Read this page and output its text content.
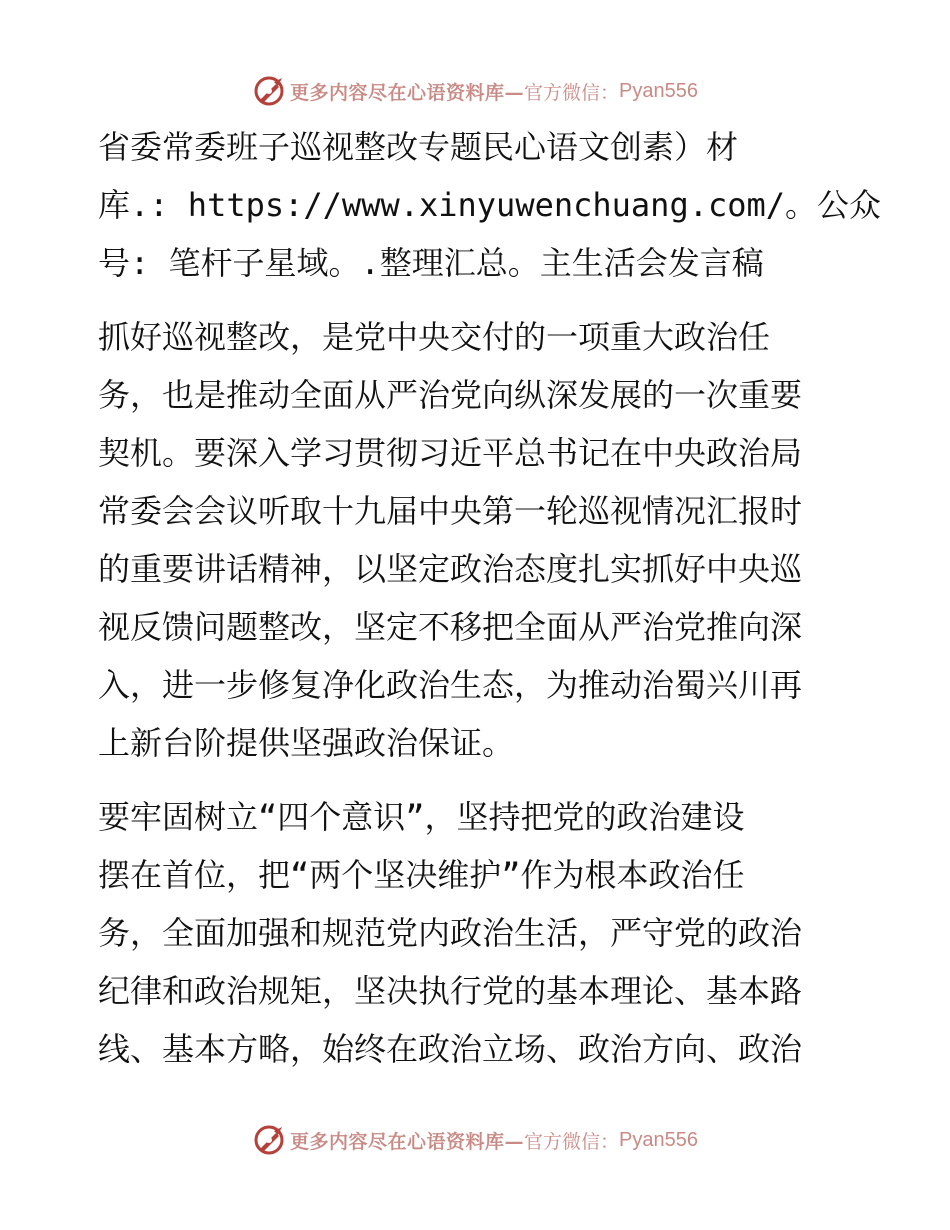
更多内容尽在心语资料库— 官方微信： Pyan556

省委常委班子巡视整改专题民心语文创素）材
库.: https://www.xinyuwenchuang.com/。公众
号: 笔杆子星域。.整理汇总。主生活会发言稿

抓好巡视整改，是党中央交付的一项重大政治任
务，也是推动全面从严治党向纵深发展的一次重要
契机。要深入学习贯彻习近平总书记在中央政治局
常委会会议听取十九届中央第一轮巡视情况汇报时
的重要讲话精神，以坚定政治态度扎实抓好中央巡
视反馈问题整改，坚定不移把全面从严治党推向深
入，进一步修复净化政治生态，为推动治蜀兴川再
上新台阶提供坚强政治保证。

要牢固树立“四个意识”，坚持把党的政治建设
摆在首位，把“两个坚决维护”作为根本政治任
务，全面加强和规范党内政治生活，严守党的政治
纪律和政治规矩，坚决执行党的基本理论、基本路
线、基本方略，始终在政治立场、政治方向、政治

更多内容尽在心语资料库— 官方微信： Pyan556
